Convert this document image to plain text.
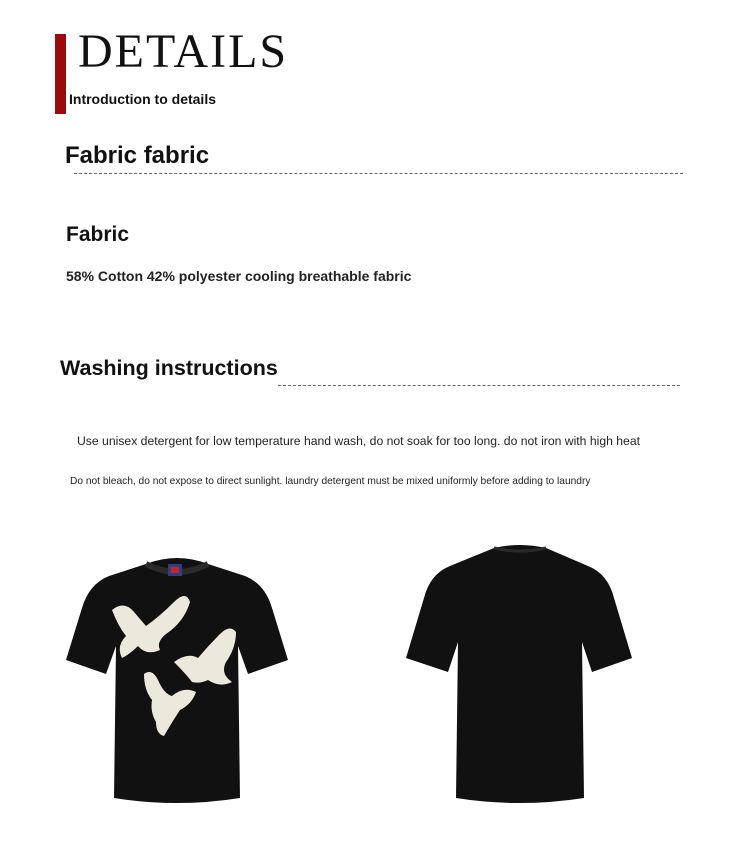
DETAILS
Introduction to details
Fabric fabric
Fabric
58% Cotton 42% polyester cooling breathable fabric
Washing instructions
Use unisex detergent for low temperature hand wash, do not soak for too long. do not iron with high heat
Do not bleach, do not expose to direct sunlight. laundry detergent must be mixed uniformly before adding to laundry
